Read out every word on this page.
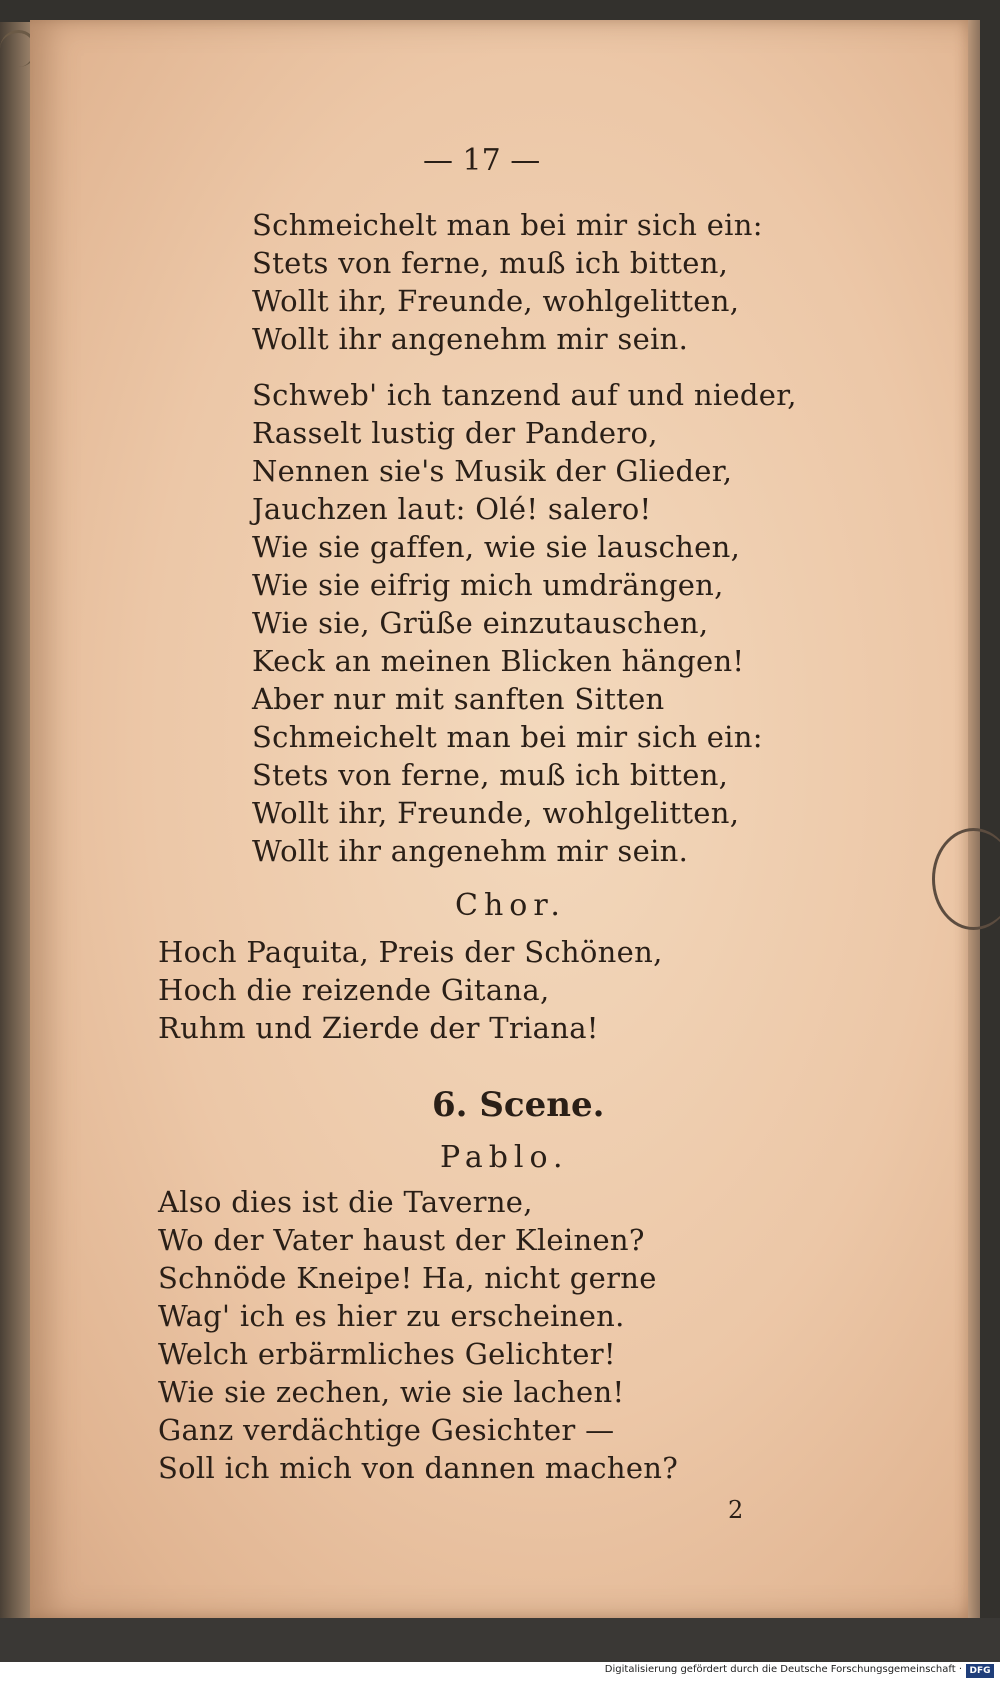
— 17 —
Schmeichelt man bei mir sich ein:
Stets von ferne, muß ich bitten,
Wollt ihr, Freunde, wohlgelitten,
Wollt ihr angenehm mir sein.
Schweb' ich tanzend auf und nieder,
Rasselt lustig der Pandero,
Nennen sie's Musik der Glieder,
Jauchzen laut: Olé! salero!
Wie sie gaffen, wie sie lauschen,
Wie sie eifrig mich umdrängen,
Wie sie, Grüße einzutauschen,
Keck an meinen Blicken hängen!
Aber nur mit sanften Sitten
Schmeichelt man bei mir sich ein:
Stets von ferne, muß ich bitten,
Wollt ihr, Freunde, wohlgelitten,
Wollt ihr angenehm mir sein.
Chor.
Hoch Paquita, Preis der Schönen,
Hoch die reizende Gitana,
Ruhm und Zierde der Triana!
6. Scene.
Pablo.
Also dies ist die Taverne,
Wo der Vater haust der Kleinen?
Schnöde Kneipe! Ha, nicht gerne
Wag' ich es hier zu erscheinen.
Welch erbärmliches Gelichter!
Wie sie zechen, wie sie lachen!
Ganz verdächtige Gesichter —
Soll ich mich von dannen machen?
2
Digitalisierung gefördert durch die Deutsche Forschungsgemeinschaft · DFG
